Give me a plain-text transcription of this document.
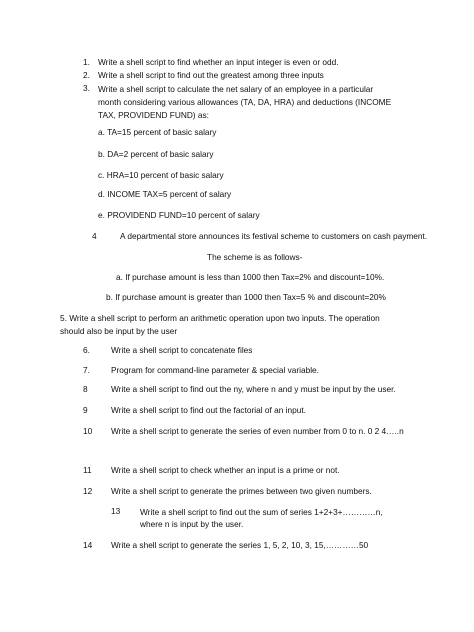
1. Write a shell script to find whether an input integer is even or odd.
2. Write a shell script to find out the greatest among three inputs
3. Write a shell script to calculate the net salary of an employee in a particular month considering various allowances (TA, DA, HRA) and deductions (INCOME TAX, PROVIDEND FUND) as:
a. TA=15 percent of basic salary
b. DA=2 percent of basic salary
c. HRA=10 percent of basic salary
d. INCOME TAX=5 percent of salary
e. PROVIDEND FUND=10 percent of salary
4	A departmental store announces its festival scheme to customers on cash payment.
The scheme is as follows-
a. If purchase amount is less than 1000 then Tax=2% and discount=10%.
b. If purchase amount is greater than 1000 then Tax=5 % and discount=20%
5. Write a shell script to perform an arithmetic operation upon two inputs. The operation should also be input by the user
6.	Write a shell script to concatenate files
7.	Program for command-line parameter & special variable.
8	Write a shell script to find out the ny, where n and y must be input by the user.
9	Write a shell script to find out the factorial of an input.
10 Write a shell script to generate the series of even number from 0 to n. 0 2 4…..n
11 Write a shell script to check whether an input is a prime or not.
12 Write a shell script to generate the primes between two given numbers.
13 Write a shell script to find out the sum of series 1+2+3+…………n, where n is input by the user.
14 Write a shell script to generate the series 1, 5, 2, 10, 3, 15,…………50
